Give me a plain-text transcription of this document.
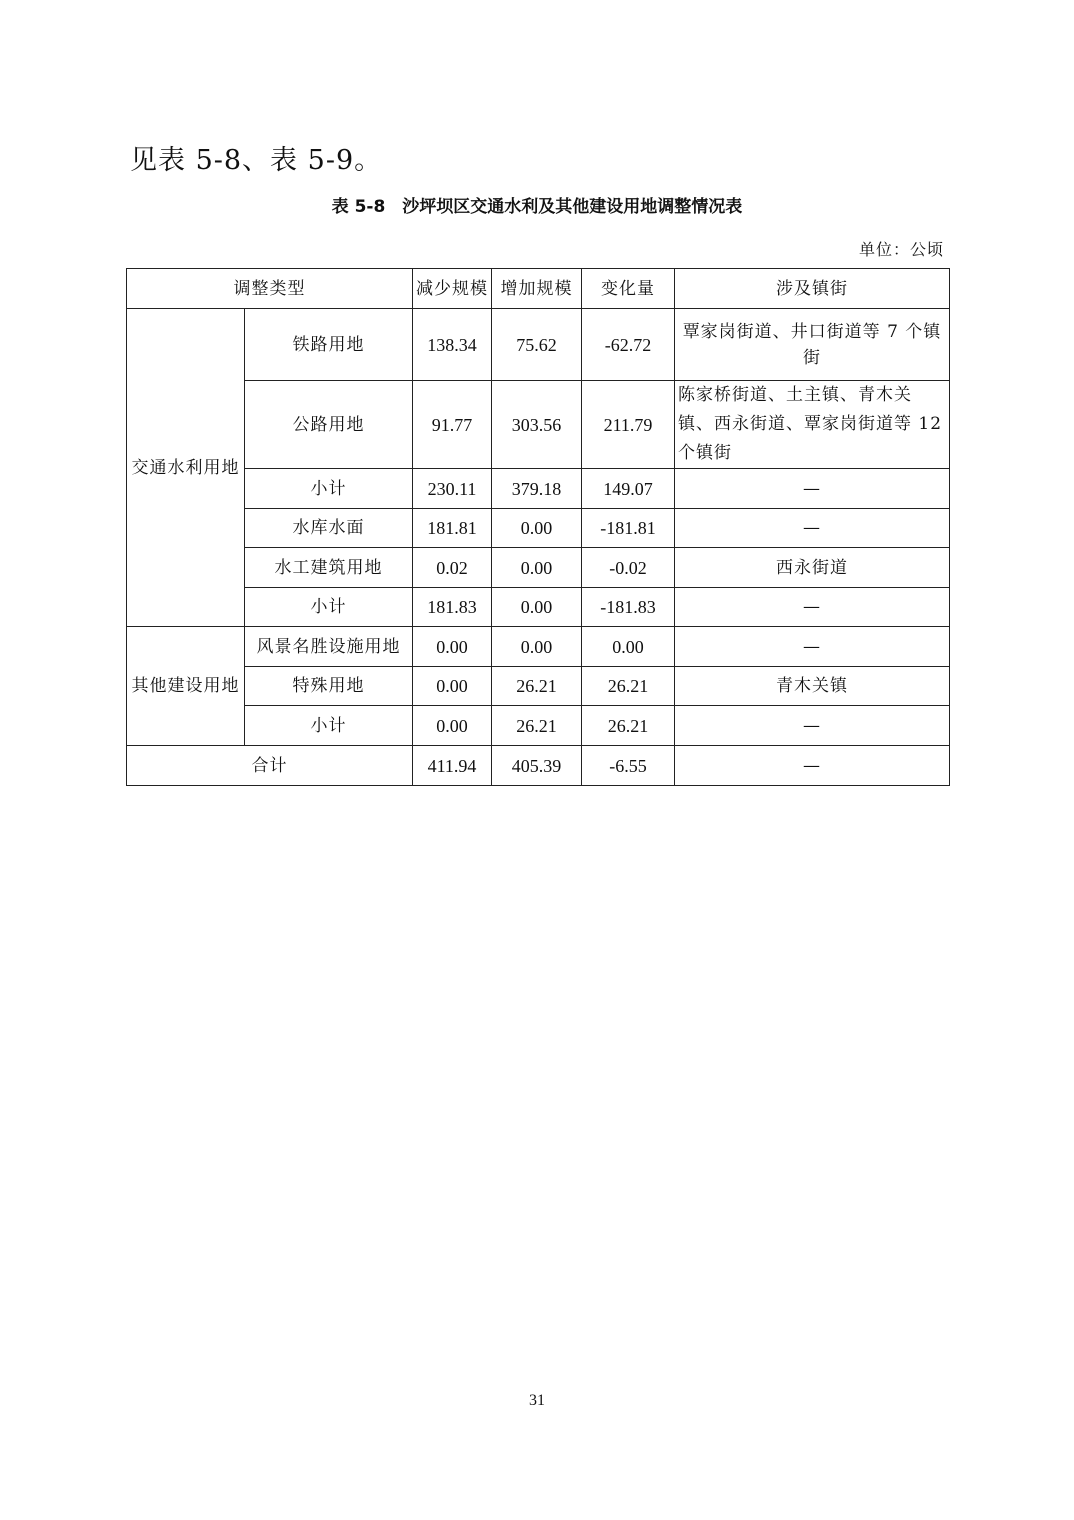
见表 5-8、表 5-9。
表 5-8　沙坪坝区交通水利及其他建设用地调整情况表
单位：公顷
调整类型		减少规模	增加规模	变化量	涉及镇街
交通水利用地	铁路用地	138.34	75.62	-62.72	覃家岗街道、井口街道等 7 个镇街
	公路用地	91.77	303.56	211.79	陈家桥街道、土主镇、青木关镇、西永街道、覃家岗街道等 12 个镇街
	小计	230.11	379.18	149.07	—
	水库水面	181.81	0.00	-181.81	—
	水工建筑用地	0.02	0.00	-0.02	西永街道
	小计	181.83	0.00	-181.83	—
其他建设用地	风景名胜设施用地	0.00	0.00	0.00	—
	特殊用地	0.00	26.21	26.21	青木关镇
	小计	0.00	26.21	26.21	—
合计		411.94	405.39	-6.55	—
31
